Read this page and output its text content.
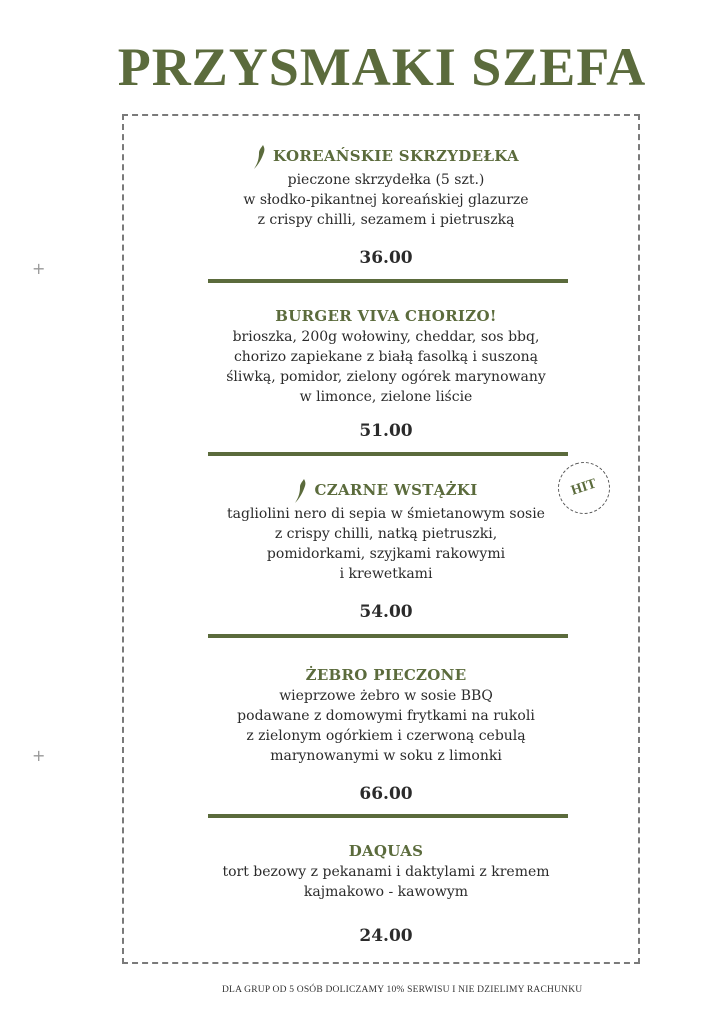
PRZYSMAKI SZEFA
+
+
KOREAŃSKIE SKRZYDEŁKA
pieczone skrzydełka (5 szt.)
w słodko-pikantnej koreańskiej glazurze
z crispy chilli, sezamem i pietruszką
36.00
BURGER VIVA CHORIZO!
brioszka, 200g wołowiny, cheddar, sos bbq,
chorizo zapiekane z białą fasolką i suszoną
śliwką, pomidor, zielony ogórek marynowany
w limonce, zielone liście
51.00
CZARNE WSTĄŻKI
tagliolini nero di sepia w śmietanowym sosie
z crispy chilli, natką pietruszki,
pomidorkami, szyjkami rakowymi
i krewetkami
54.00
HIT
ŻEBRO PIECZONE
wieprzowe żebro w sosie BBQ
podawane z domowymi frytkami na rukoli
z zielonym ogórkiem i czerwoną cebulą
marynowanymi w soku z limonki
66.00
DAQUAS
tort bezowy z pekanami i daktylami z kremem
kajmakowo - kawowym
24.00
DLA GRUP OD 5 OSÓB DOLICZAMY 10% SERWISU I NIE DZIELIMY RACHUNKU
